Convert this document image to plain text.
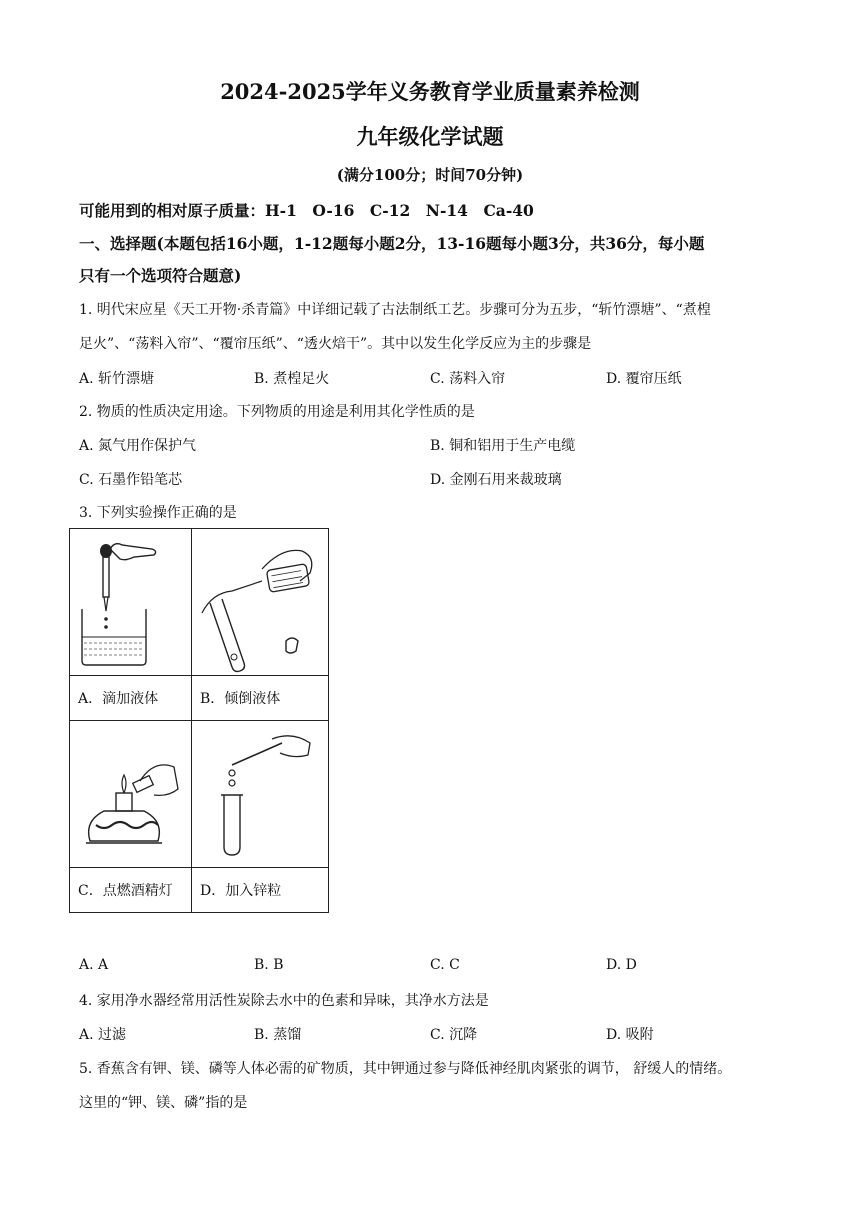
2024-2025学年义务教育学业质量素养检测
九年级化学试题
(满分100分；时间70分钟)
可能用到的相对原子质量：H-1　O-16　C-12　N-14　Ca-40
一、选择题(本题包括16小题，1-12题每小题2分，13-16题每小题3分，共36分，每小题
只有一个选项符合题意)
1. 明代宋应星《天工开物·杀青篇》中详细记载了古法制纸工艺。步骤可分为五步，“斩竹漂塘”、“煮楻
足火”、“荡料入帘”、“覆帘压纸”、“透火焙干”。其中以发生化学反应为主的步骤是
A. 斩竹漂塘	B. 煮楻足火	C. 荡料入帘	D. 覆帘压纸
2. 物质的性质决定用途。下列物质的用途是利用其化学性质的是
A. 氮气用作保护气	B. 铜和铝用于生产电缆
C. 石墨作铅笔芯	D. 金刚石用来裁玻璃
3. 下列实验操作正确的是

A．滴加液体	B．倾倒液体

C．点燃酒精灯	D．加入锌粒
A. A	B. B	C. C	D. D
4. 家用净水器经常用活性炭除去水中的色素和异味，其净水方法是
A. 过滤	B. 蒸馏	C. 沉降	D. 吸附
5. 香蕉含有钾、镁、磷等人体必需的矿物质，其中钾通过参与降低神经肌肉紧张的调节， 舒缓人的情绪。
这里的“钾、镁、磷”指的是
